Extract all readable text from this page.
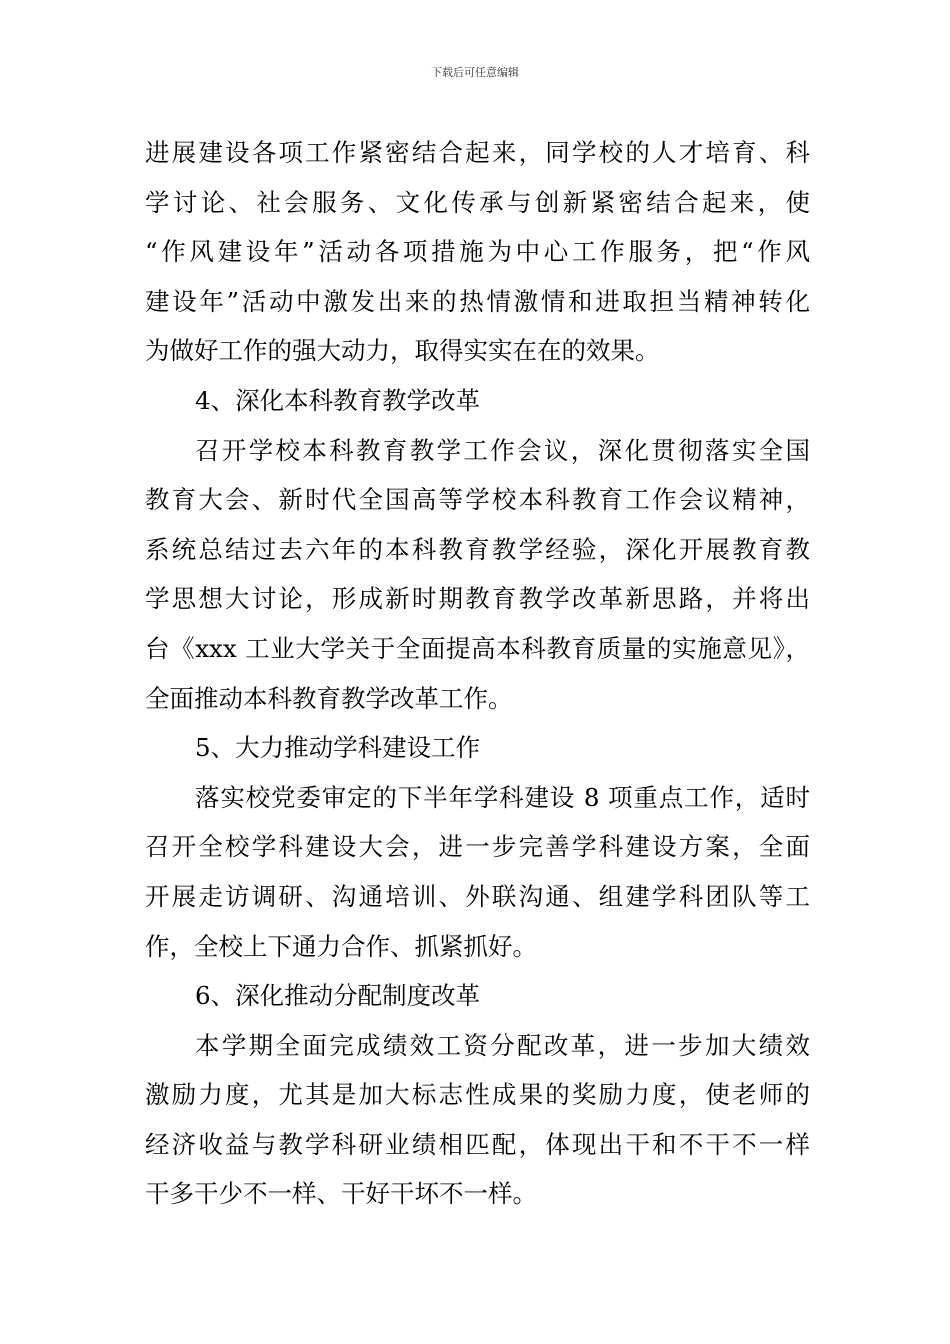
下载后可任意编辑
进展建设各项工作紧密结合起来，同学校的人才培育、科
学讨论、社会服务、文化传承与创新紧密结合起来，使
“作风建设年”活动各项措施为中心工作服务，把“作风
建设年”活动中激发出来的热情激情和进取担当精神转化
为做好工作的强大动力，取得实实在在的效果。
4、深化本科教育教学改革
召开学校本科教育教学工作会议，深化贯彻落实全国
教育大会、新时代全国高等学校本科教育工作会议精神，
系统总结过去六年的本科教育教学经验，深化开展教育教
学思想大讨论，形成新时期教育教学改革新思路，并将出
台《xxx 工业大学关于全面提高本科教育质量的实施意见》，
全面推动本科教育教学改革工作。
5、大力推动学科建设工作
落实校党委审定的下半年学科建设 8 项重点工作，适时
召开全校学科建设大会，进一步完善学科建设方案，全面
开展走访调研、沟通培训、外联沟通、组建学科团队等工
作，全校上下通力合作、抓紧抓好。
6、深化推动分配制度改革
本学期全面完成绩效工资分配改革，进一步加大绩效
激励力度，尤其是加大标志性成果的奖励力度，使老师的
经济收益与教学科研业绩相匹配，体现出干和不干不一样
干多干少不一样、干好干坏不一样。
